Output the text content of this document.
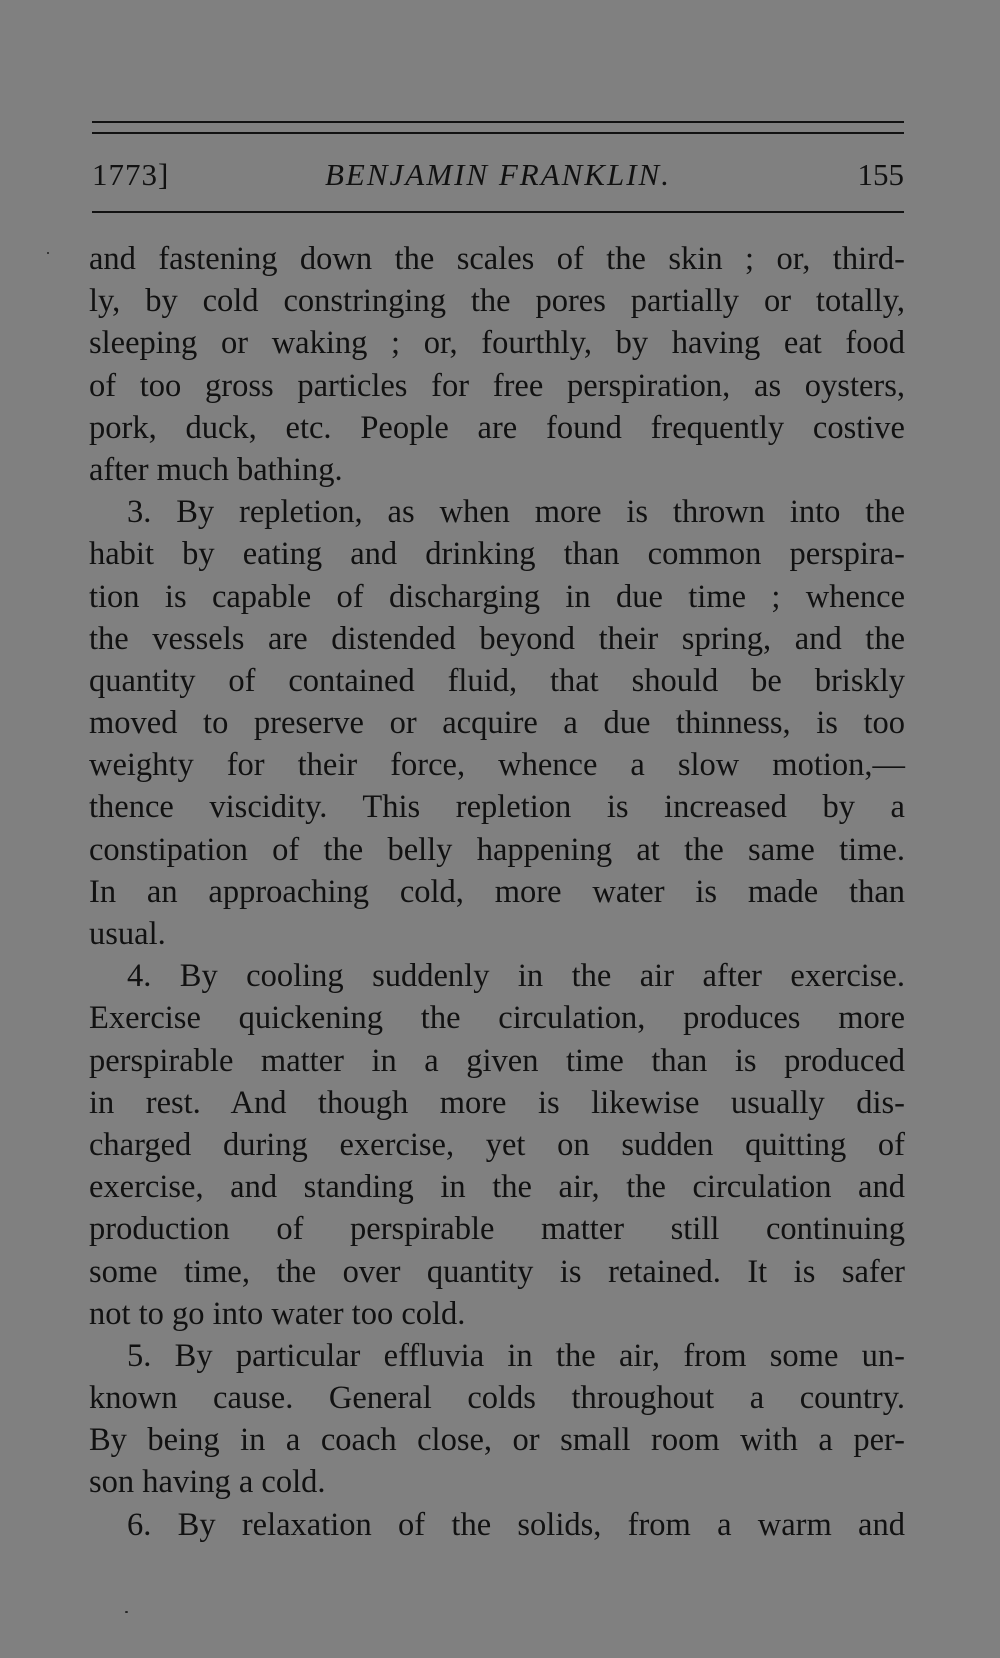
1773]	BENJAMIN FRANKLIN.	155
and fastening down the scales of the skin ; or, third-
ly, by cold constringing the pores partially or totally,
sleeping or waking ; or, fourthly, by having eat food
of too gross particles for free perspiration, as oysters,
pork, duck, etc. People are found frequently costive
after much bathing.
3. By repletion, as when more is thrown into the
habit by eating and drinking than common perspira-
tion is capable of discharging in due time ; whence
the vessels are distended beyond their spring, and the
quantity of contained fluid, that should be briskly
moved to preserve or acquire a due thinness, is too
weighty for their force, whence a slow motion,—
thence viscidity. This repletion is increased by a
constipation of the belly happening at the same time.
In an approaching cold, more water is made than
usual.
4. By cooling suddenly in the air after exercise.
Exercise quickening the circulation, produces more
perspirable matter in a given time than is produced
in rest. And though more is likewise usually dis-
charged during exercise, yet on sudden quitting of
exercise, and standing in the air, the circulation and
production of perspirable matter still continuing
some time, the over quantity is retained. It is safer
not to go into water too cold.
5. By particular effluvia in the air, from some un-
known cause. General colds throughout a country.
By being in a coach close, or small room with a per-
son having a cold.
6. By relaxation of the solids, from a warm and
